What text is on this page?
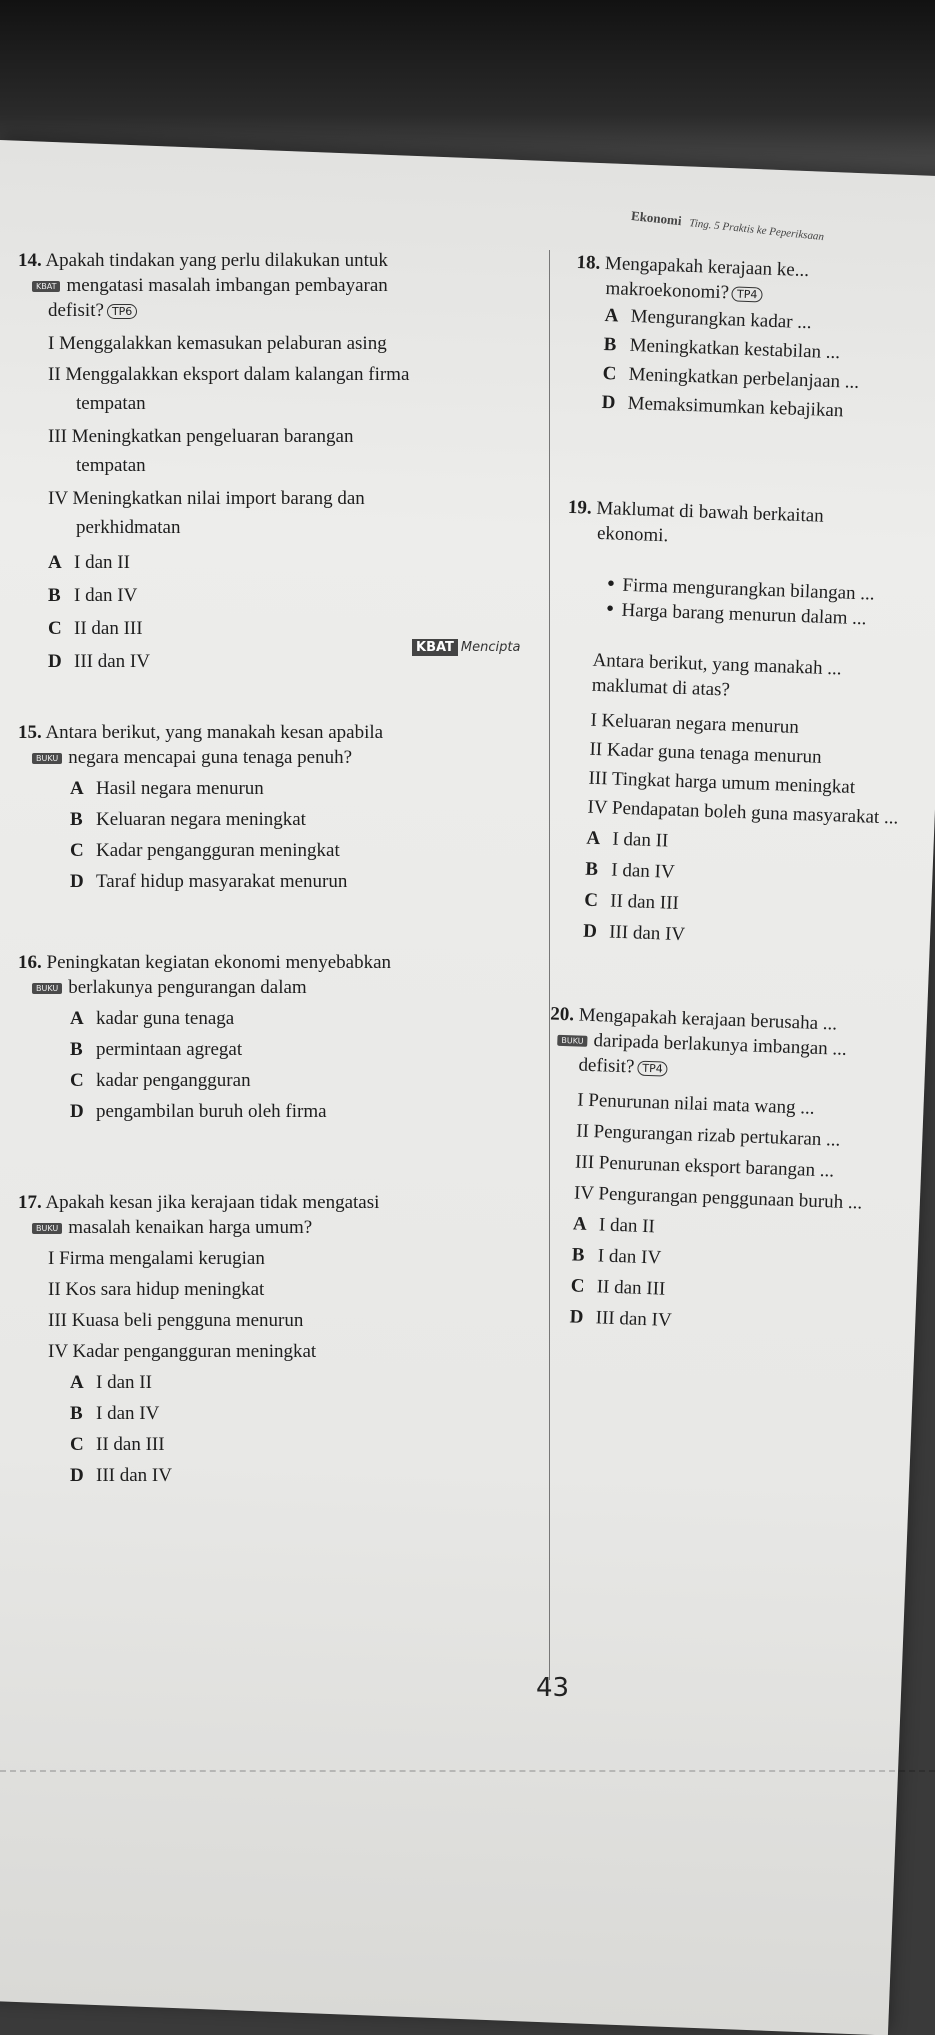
Ekonomi Ting. 5 Praktis ke Peperiksaan
14. Apakah tindakan yang perlu dilakukan untuk
KBAT mengatasi masalah imbangan pembayaran
defisit? TP6
I Menggalakkan kemasukan pelaburan asing
II Menggalakkan eksport dalam kalangan firma
tempatan
III Meningkatkan pengeluaran barangan
tempatan
IV Meningkatkan nilai import barang dan
perkhidmatan
A I dan II
B I dan IV
C II dan III
D III dan IV
KBAT Mencipta
15. Antara berikut, yang manakah kesan apabila
BUKU negara mencapai guna tenaga penuh?
A Hasil negara menurun
B Keluaran negara meningkat
C Kadar pengangguran meningkat
D Taraf hidup masyarakat menurun
16. Peningkatan kegiatan ekonomi menyebabkan
BUKU berlakunya pengurangan dalam
A kadar guna tenaga
B permintaan agregat
C kadar pengangguran
D pengambilan buruh oleh firma
17. Apakah kesan jika kerajaan tidak mengatasi
BUKU masalah kenaikan harga umum?
I Firma mengalami kerugian
II Kos sara hidup meningkat
III Kuasa beli pengguna menurun
IV Kadar pengangguran meningkat
A I dan II
B I dan IV
C II dan III
D III dan IV
18. Mengapakah kerajaan ke...
makroekonomi? TP4
A Mengurangkan kadar ...
B Meningkatkan kestabilan ...
C Meningkatkan perbelanjaan ...
D Memaksimumkan kebajikan
19. Maklumat di bawah berkaitan
ekonomi.
• Firma mengurangkan bilangan ...
• Harga barang menurun dalam ...
Antara berikut, yang manakah ...
maklumat di atas?
I Keluaran negara menurun
II Kadar guna tenaga menurun
III Tingkat harga umum meningkat
IV Pendapatan boleh guna masyarakat ...
A I dan II
B I dan IV
C II dan III
D III dan IV
20. Mengapakah kerajaan berusaha ...
BUKU daripada berlakunya imbangan ...
defisit? TP4
I Penurunan nilai mata wang ...
II Pengurangan rizab pertukaran ...
III Penurunan eksport barangan ...
IV Pengurangan penggunaan buruh ...
A I dan II
B I dan IV
C II dan III
D III dan IV
43
